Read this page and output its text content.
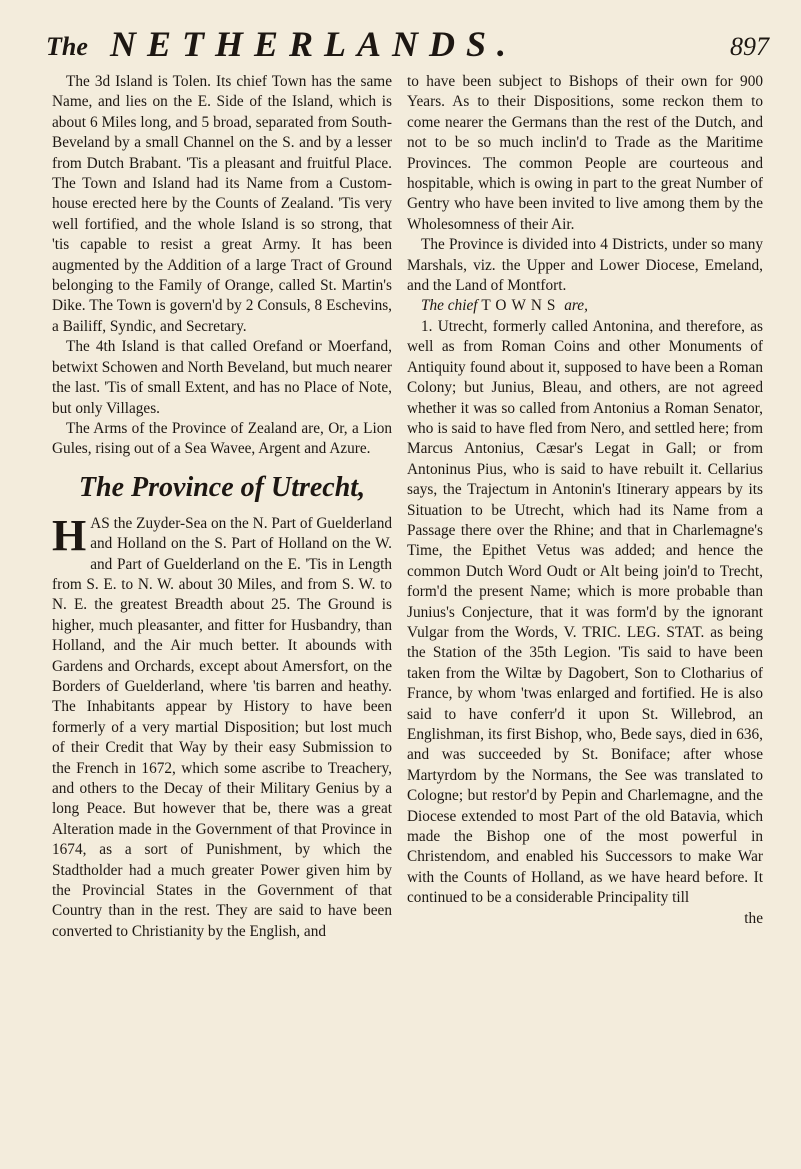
The NETHERLANDS.	897

The 3d Island is Tolen. Its chief Town has the same Name, and lies on the E. Side of the Island, which is about 6 Miles long, and 5 broad, separated from South-Beveland by a small Channel on the S. and by a lesser from Dutch Brabant. 'Tis a pleasant and fruitful Place. The Town and Island had its Name from a Custom-house erected here by the Counts of Zealand. 'Tis very well fortified, and the whole Island is so strong, that 'tis capable to resist a great Army. It has been augmented by the Addition of a large Tract of Ground belonging to the Family of Orange, called St. Martin's Dike. The Town is govern'd by 2 Consuls, 8 Eschevins, a Bailiff, Syndic, and Secretary.

The 4th Island is that called Orefand or Moerfand, betwixt Schowen and North Beveland, but much nearer the last. 'Tis of small Extent, and has no Place of Note, but only Villages.

The Arms of the Province of Zealand are, Or, a Lion Gules, rising out of a Sea Wavee, Argent and Azure.

The Province of Utrecht,

HAS the Zuyder-Sea on the N. Part of Guelderland and Holland on the S. Part of Holland on the W. and Part of Guelderland on the E. 'Tis in Length from S. E. to N. W. about 30 Miles, and from S. W. to N. E. the greatest Breadth about 25. The Ground is higher, much pleasanter, and fitter for Husbandry, than Holland, and the Air much better. It abounds with Gardens and Orchards, except about Amersfort, on the Borders of Guelderland, where 'tis barren and heathy. The Inhabitants appear by History to have been formerly of a very martial Disposition; but lost much of their Credit that Way by their easy Submission to the French in 1672, which some ascribe to Treachery, and others to the Decay of their Military Genius by a long Peace. But however that be, there was a great Alteration made in the Government of that Province in 1674, as a sort of Punishment, by which the Stadtholder had a much greater Power given him by the Provincial States in the Government of that Country than in the rest. They are said to have been converted to Christianity by the English, and

to have been subject to Bishops of their own for 900 Years. As to their Dispositions, some reckon them to come nearer the Germans than the rest of the Dutch, and not to be so much inclin'd to Trade as the Maritime Provinces. The common People are courteous and hospitable, which is owing in part to the great Number of Gentry who have been invited to live among them by the Wholesomness of their Air.

The Province is divided into 4 Districts, under so many Marshals, viz. the Upper and Lower Diocese, Emeland, and the Land of Montfort.

The chief TOWNS are,

1. Utrecht, formerly called Antonina, and therefore, as well as from Roman Coins and other Monuments of Antiquity found about it, supposed to have been a Roman Colony; but Junius, Bleau, and others, are not agreed whether it was so called from Antonius a Roman Senator, who is said to have fled from Nero, and settled here; from Marcus Antonius, Cæsar's Legat in Gall; or from Antoninus Pius, who is said to have rebuilt it. Cellarius says, the Trajectum in Antonin's Itinerary appears by its Situation to be Utrecht, which had its Name from a Passage there over the Rhine; and that in Charlemagne's Time, the Epithet Vetus was added; and hence the common Dutch Word Oudt or Alt being join'd to Trecht, form'd the present Name; which is more probable than Junius's Conjecture, that it was form'd by the ignorant Vulgar from the Words, V. TRIC. LEG. STAT. as being the Station of the 35th Legion. 'Tis said to have been taken from the Wiltæ by Dagobert, Son to Clotharius of France, by whom 'twas enlarged and fortified. He is also said to have conferr'd it upon St. Willebrod, an Englishman, its first Bishop, who, Bede says, died in 636, and was succeeded by St. Boniface; after whose Martyrdom by the Normans, the See was translated to Cologne; but restor'd by Pepin and Charlemagne, and the Diocese extended to most Part of the old Batavia, which made the Bishop one of the most powerful in Christendom, and enabled his Successors to make War with the Counts of Holland, as we have heard before. It continued to be a considerable Principality till

the
